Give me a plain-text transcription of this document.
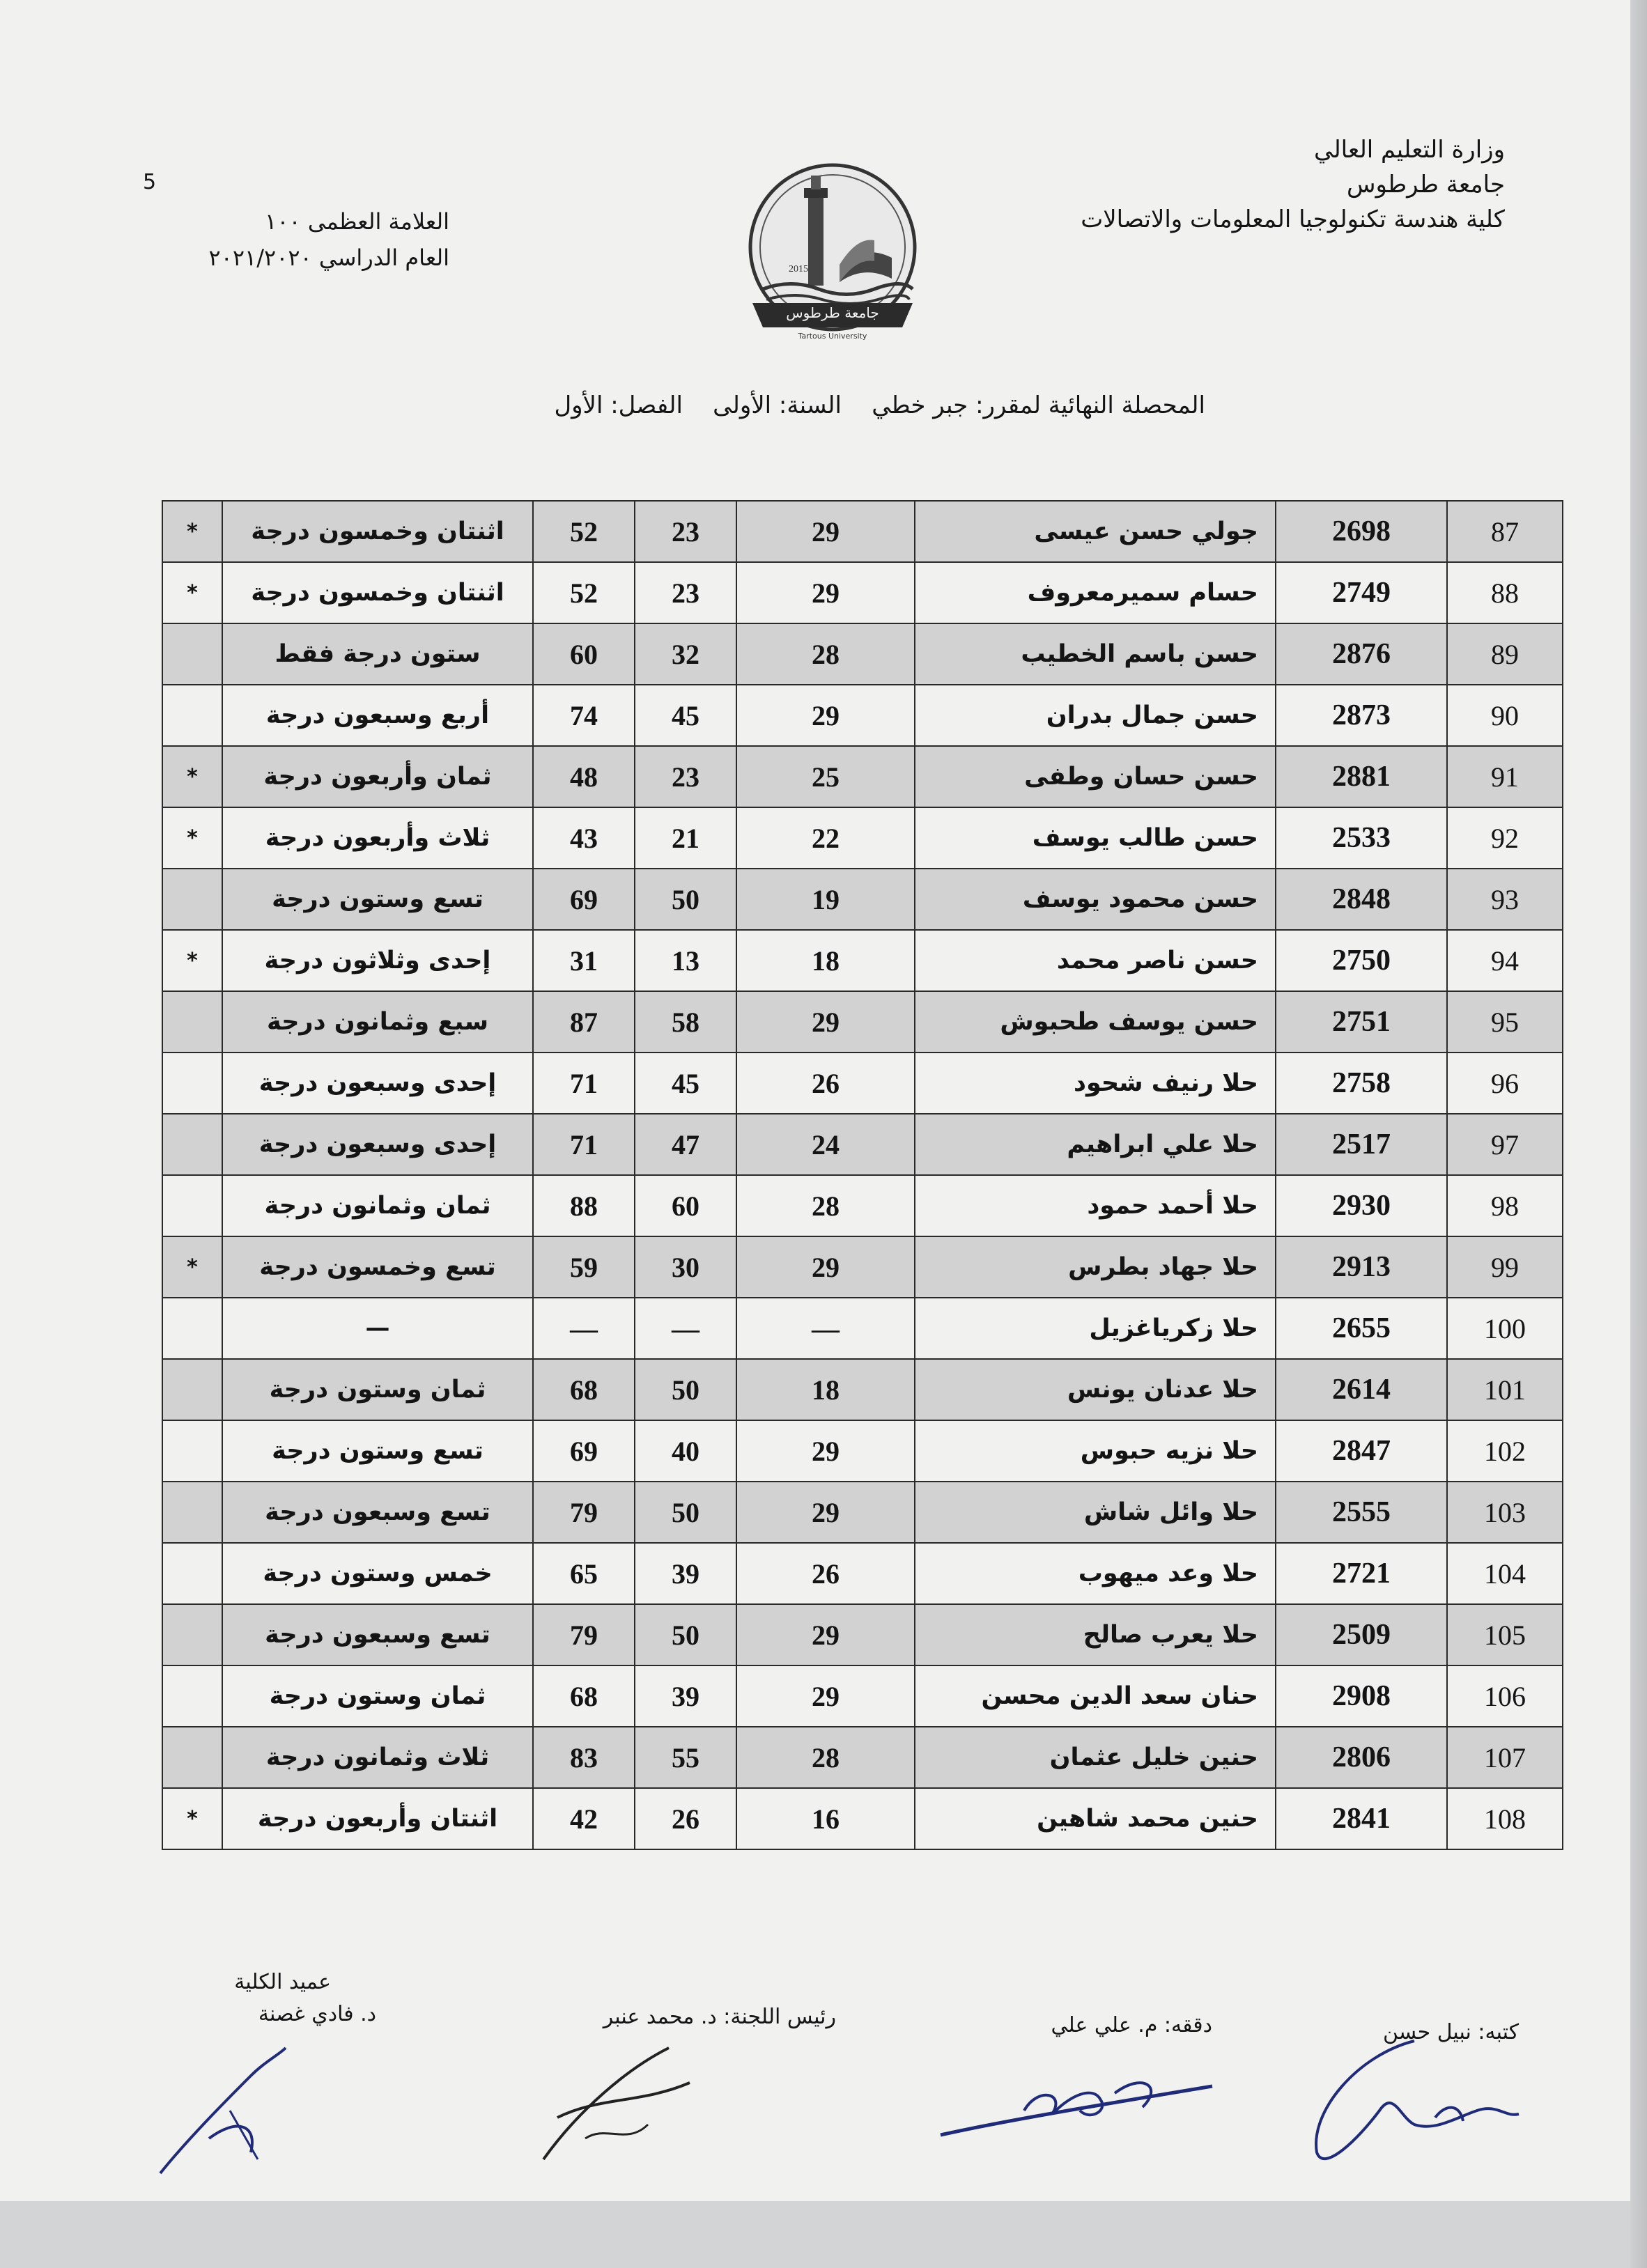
وزارة التعليم العالي
جامعة طرطوس
كلية هندسة تكنولوجيا المعلومات والاتصالات
5
العلامة العظمى ١٠٠
العام الدراسي ٢٠٢١/٢٠٢٠	2015
جامعة طرطوس
Tartous University
المحصلة النهائية لمقرر: جبر خطي    السنة: الأولى    الفصل: الأول
87	2698	جولي حسن عيسى	29	23	52	اثنتان وخمسون درجة	*
88	2749	حسام سميرمعروف	29	23	52	اثنتان وخمسون درجة	*
89	2876	حسن باسم الخطيب	28	32	60	ستون درجة فقط	
90	2873	حسن جمال بدران	29	45	74	أربع وسبعون درجة	
91	2881	حسن حسان وطفى	25	23	48	ثمان وأربعون درجة	*
92	2533	حسن طالب يوسف	22	21	43	ثلاث وأربعون درجة	*
93	2848	حسن محمود يوسف	19	50	69	تسع وستون درجة	
94	2750	حسن ناصر محمد	18	13	31	إحدى وثلاثون درجة	*
95	2751	حسن يوسف طحبوش	29	58	87	سبع وثمانون درجة	
96	2758	حلا رنيف شحود	26	45	71	إحدى وسبعون درجة	
97	2517	حلا علي ابراهيم	24	47	71	إحدى وسبعون درجة	
98	2930	حلا أحمد حمود	28	60	88	ثمان وثمانون درجة	
99	2913	حلا جهاد بطرس	29	30	59	تسع وخمسون درجة	*
100	2655	حلا زكرياغزيل	—	—	—	—	
101	2614	حلا عدنان يونس	18	50	68	ثمان وستون درجة	
102	2847	حلا نزيه حبوس	29	40	69	تسع وستون درجة	
103	2555	حلا وائل شاش	29	50	79	تسع وسبعون درجة	
104	2721	حلا وعد ميهوب	26	39	65	خمس وستون درجة	
105	2509	حلا يعرب صالح	29	50	79	تسع وسبعون درجة	
106	2908	حنان سعد الدين محسن	29	39	68	ثمان وستون درجة	
107	2806	حنين خليل عثمان	28	55	83	ثلاث وثمانون درجة	
108	2841	حنين محمد شاهين	16	26	42	اثنتان وأربعون درجة	*
كتبه: نبيل حسن
دققه: م. علي علي
رئيس اللجنة: د. محمد عنبر
عميد الكلية
د. فادي غصنة
